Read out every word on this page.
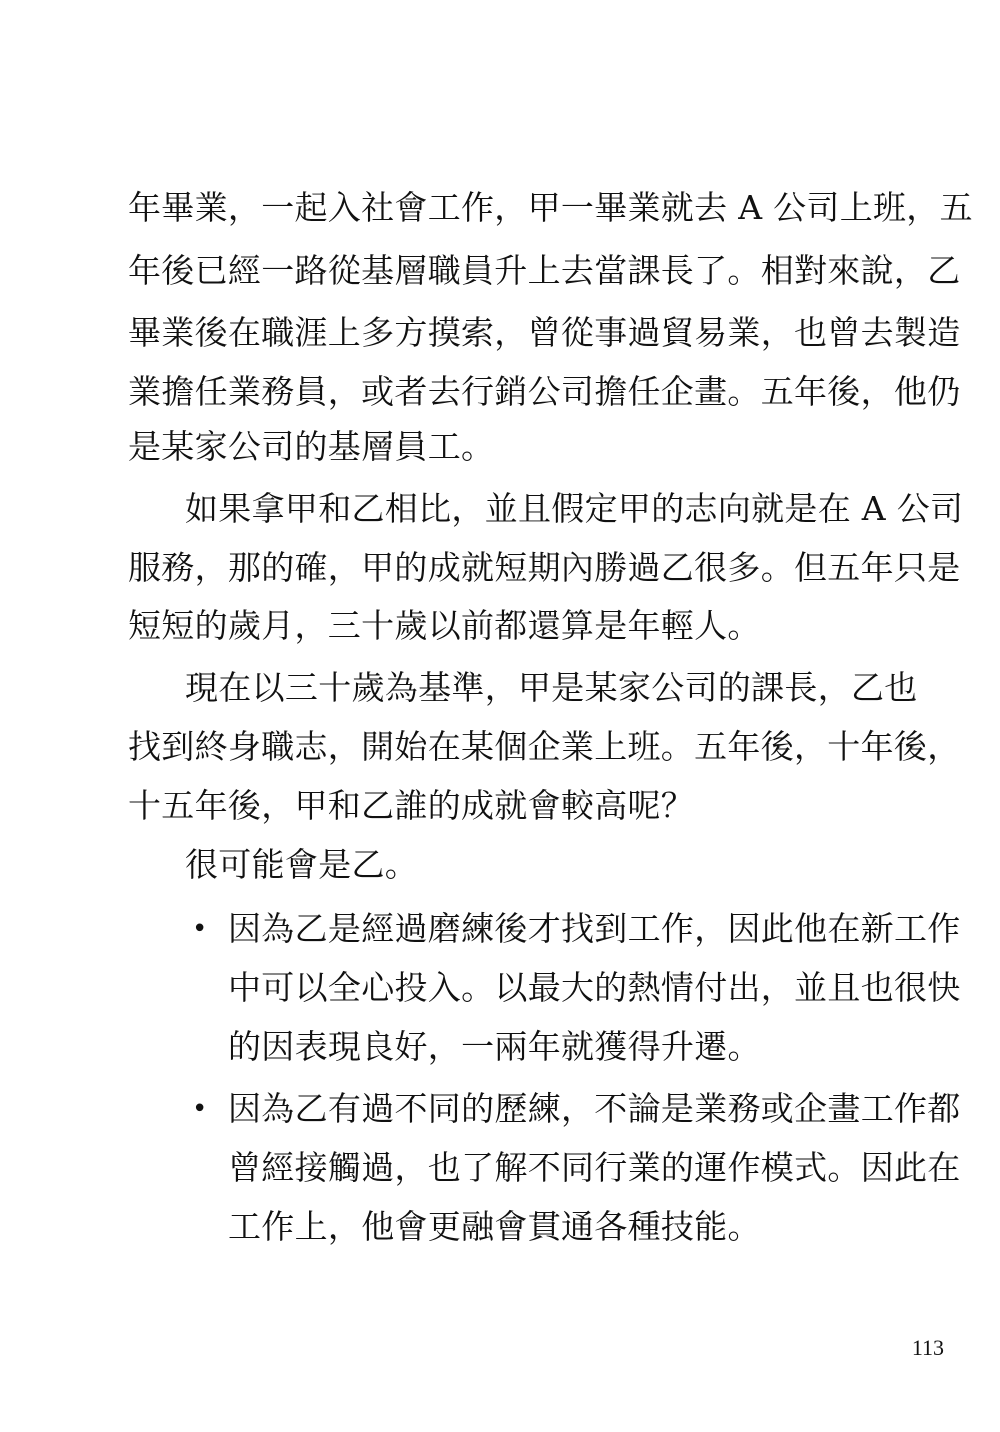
年畢業，一起入社會工作，甲一畢業就去 A 公司上班，五
年後已經一路從基層職員升上去當課長了。相對來說，乙
畢業後在職涯上多方摸索，曾從事過貿易業，也曾去製造
業擔任業務員，或者去行銷公司擔任企畫。五年後，他仍
是某家公司的基層員工。
如果拿甲和乙相比，並且假定甲的志向就是在 A 公司
服務，那的確，甲的成就短期內勝過乙很多。但五年只是
短短的歲月，三十歲以前都還算是年輕人。
現在以三十歲為基準，甲是某家公司的課長，乙也
找到終身職志，開始在某個企業上班。五年後，十年後，
十五年後，甲和乙誰的成就會較高呢？
很可能會是乙。
• 因為乙是經過磨練後才找到工作，因此他在新工作
中可以全心投入。以最大的熱情付出，並且也很快
的因表現良好，一兩年就獲得升遷。
• 因為乙有過不同的歷練，不論是業務或企畫工作都
曾經接觸過，也了解不同行業的運作模式。因此在
工作上，他會更融會貫通各種技能。
113
